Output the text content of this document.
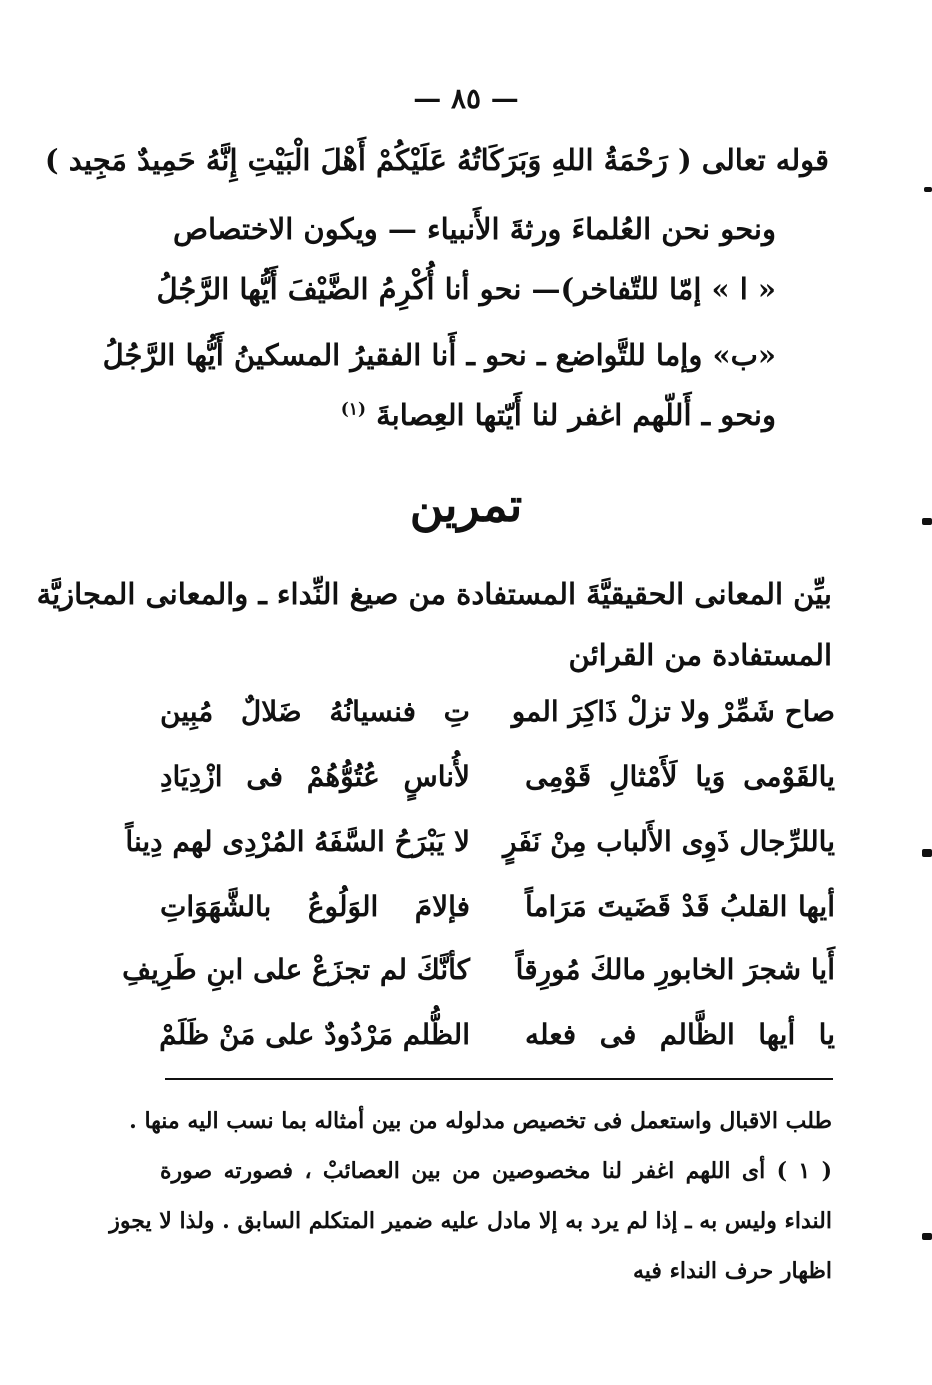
— ٨٥ —
قوله تعالى ( رَحْمَةُ اللهِ وَبَرَكَاتُهُ عَلَيْكُمْ أَهْلَ الْبَيْتِ إِنَّهُ حَمِيدٌ مَجِيد )
ونحو نحن العُلماءَ ورثةَ الأَنبياء — ويكون الاختصاص
« ا » إمّا للتّفاخر)— نحو أنا أُكْرِمُ الضَّيْفَ أَيُّها الرَّجُلُ
«ب» وإما للتَّواضع ـ نحو ـ أَنا الفقيرُ المسكينُ أَيُّها الرَّجُلُ
ونحو ـ أَللّهم اغفر لنا أَيّتها العِصابةَ $^{(١)}$
تمرين
بيِّن المعانى الحقيقيَّةَ المستفادة من صيغ النِّداء ـ والمعانى المجازيَّة
المستفادة من القرائن
صاح شَمِّرْ ولا تزلْ ذَاكِرَ المو
تِ فنسيانُهُ ضَلالٌ مُبِين
يالقَوْمى وَيا لَأَمْثالِ قَوْمِى
لأُناسٍ عُتُوُّهُمْ فى ازْدِيَادِ
ياللرِّجال ذَوِى الأَلباب مِنْ نَفَرٍ
لا يَبْرَحُ السَّفَهُ المُرْدِى لهم دِيناً
أيها القلبُ قَدْ قَضَيتَ مَرَاماً
فإلامَ الوَلُوعُ بالشَّهَوَاتِ
أَيا شجرَ الخابورِ مالكَ مُورِقاً
كأنَّكَ لم تجزَعْ على ابنِ طَرِيفِ
يا أيها الظَّالم فى فعله
الظُّلم مَرْدُودٌ على مَنْ ظَلَمْ
طلب الاقبال واستعمل فى تخصيص مدلوله من بين أمثاله بما نسب اليه منها .
( ١ ) أى اللهم اغفر لنا مخصوصين من بين العصائبْ ، فصورته صورة
النداء وليس به ـ إذا لم يرد به إلا مادل عليه ضمير المتكلم السابق . ولذا لا يجوز
اظهار حرف النداء فيه
